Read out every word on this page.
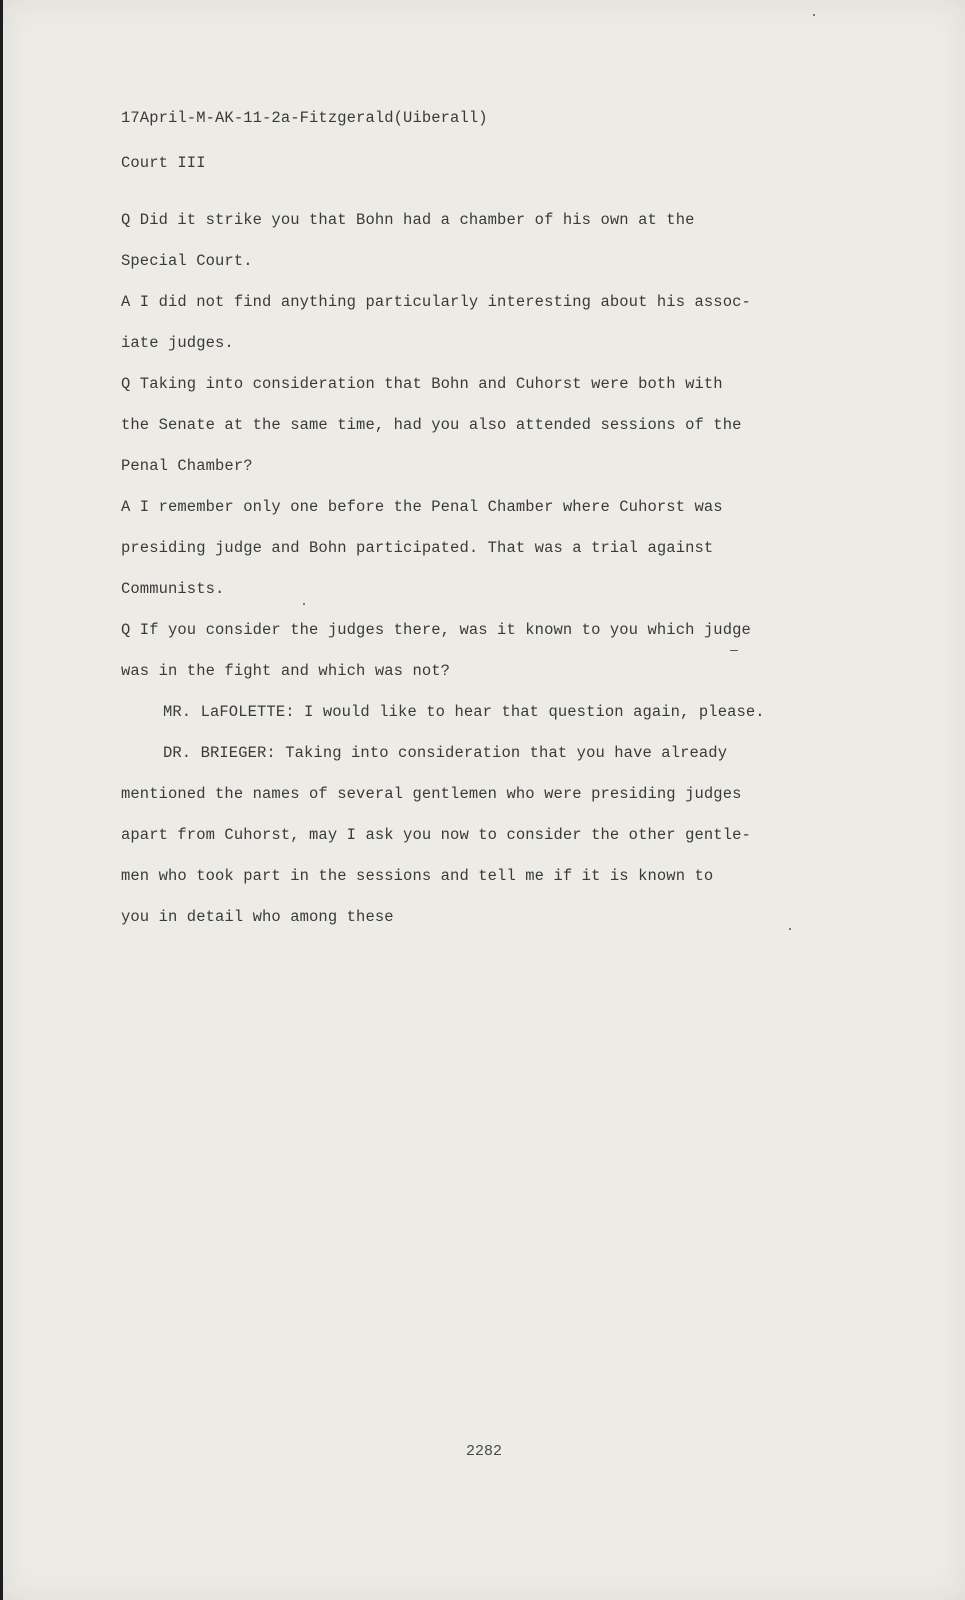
17April-M-AK-11-2a-Fitzgerald(Uiberall)
Court III
Q Did it strike you that Bohn had a chamber of his own at the
Special Court.
A I did not find anything particularly interesting about his assoc-
iate judges.
Q Taking into consideration that Bohn and Cuhorst were both with
the Senate at the same time, had you also attended sessions of the
Penal Chamber?
A I remember only one before the Penal Chamber where Cuhorst was
presiding judge and Bohn participated. That was a trial against
Communists.
Q If you consider the judges there, was it known to you which judge
was in the fight and which was not?
MR. LaFOLETTE: I would like to hear that question again, please.
DR. BRIEGER: Taking into consideration that you have already
mentioned the names of several gentlemen who were presiding judges
apart from Cuhorst, may I ask you now to consider the other gentle-
men who took part in the sessions and tell me if it is known to
you in detail who among these
2282
